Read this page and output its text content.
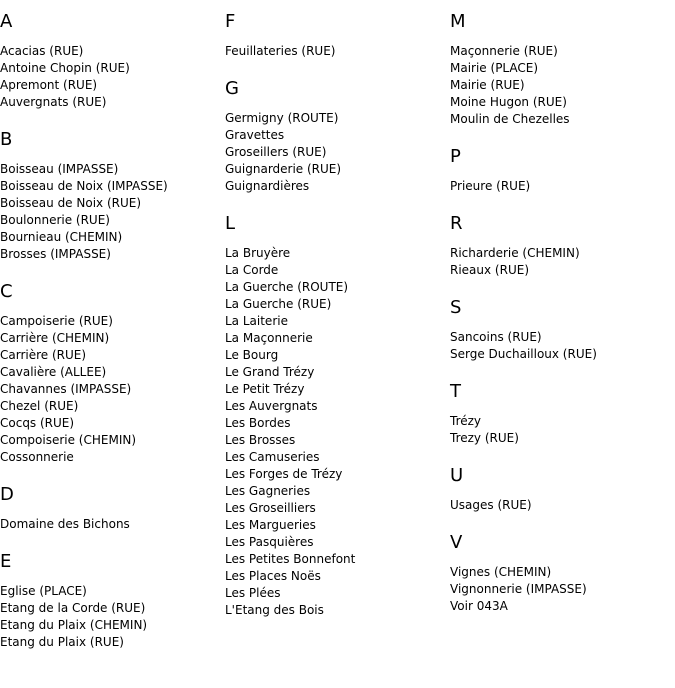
A
Acacias (RUE)
Antoine Chopin (RUE)
Apremont (RUE)
Auvergnats (RUE)
B
Boisseau (IMPASSE)
Boisseau de Noix (IMPASSE)
Boisseau de Noix (RUE)
Boulonnerie (RUE)
Bournieau (CHEMIN)
Brosses (IMPASSE)
C
Campoiserie (RUE)
Carrière (CHEMIN)
Carrière (RUE)
Cavalière (ALLEE)
Chavannes (IMPASSE)
Chezel (RUE)
Cocqs (RUE)
Compoiserie (CHEMIN)
Cossonnerie
D
Domaine des Bichons
E
Eglise (PLACE)
Etang de la Corde (RUE)
Etang du Plaix (CHEMIN)
Etang du Plaix (RUE)
F
Feuillateries (RUE)
G
Germigny (ROUTE)
Gravettes
Groseillers (RUE)
Guignarderie (RUE)
Guignardières
L
La Bruyère
La Corde
La Guerche (ROUTE)
La Guerche (RUE)
La Laiterie
La Maçonnerie
Le Bourg
Le Grand Trézy
Le Petit Trézy
Les Auvergnats
Les Bordes
Les Brosses
Les Camuseries
Les Forges de Trézy
Les Gagneries
Les Groseilliers
Les Margueries
Les Pasquières
Les Petites Bonnefont
Les Places Noës
Les Plées
L'Etang des Bois
M
Maçonnerie (RUE)
Mairie (PLACE)
Mairie (RUE)
Moine Hugon (RUE)
Moulin de Chezelles
P
Prieure (RUE)
R
Richarderie (CHEMIN)
Rieaux (RUE)
S
Sancoins (RUE)
Serge Duchailloux (RUE)
T
Trézy
Trezy (RUE)
U
Usages (RUE)
V
Vignes (CHEMIN)
Vignonnerie (IMPASSE)
Voir 043A
